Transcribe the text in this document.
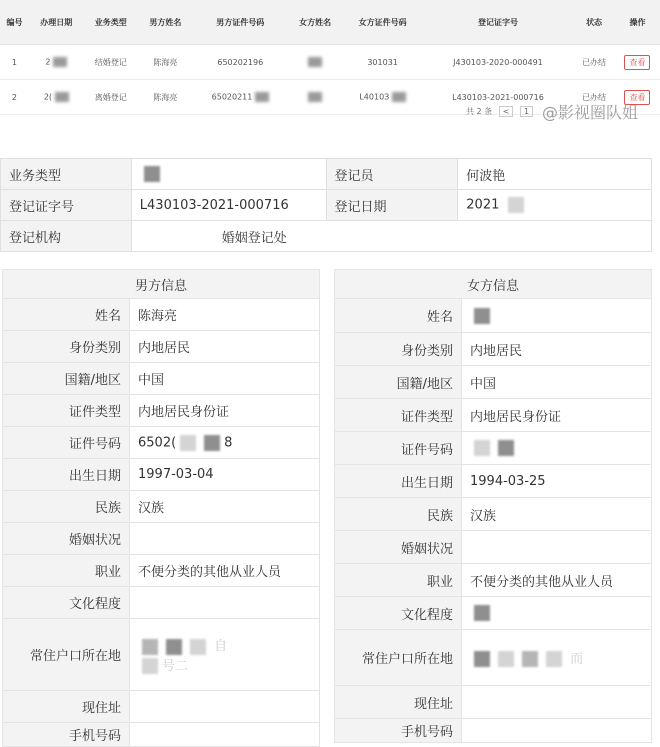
编号	办理日期	业务类型	男方姓名	男方证件号码	女方姓名	女方证件号码	登记证字号	状态	操作
1	2	结婚登记	陈海亮	650202196		301031	J430103-2020-000491	已办结	查看
2	2(	离婚登记	陈海亮	65020211		L4010З	L430103-2021-000716	已办结	查看
共 2 条 < 1 @影视圈队姐
业务类型		登记员	何波艳
登记证字号	L430103-2021-000716	登记日期	2021
登记机构	婚姻登记处		
男方信息	
姓名	陈海亮
身份类别	内地居民
国籍/地区	中国
证件类型	内地居民身份证
证件号码	6502( 8
出生日期	1997-03-04
民族	汉族
婚姻状况	
职业	不便分类的其他从业人员
文化程度	
常住户口所在地	自
号二
现住址	
手机号码	
女方信息	
姓名	
身份类别	内地居民
国籍/地区	中国
证件类型	内地居民身份证
证件号码	
出生日期	1994-03-25
民族	汉族
婚姻状况	
职业	不便分类的其他从业人员
文化程度	
常住户口所在地	而
现住址	
手机号码	
